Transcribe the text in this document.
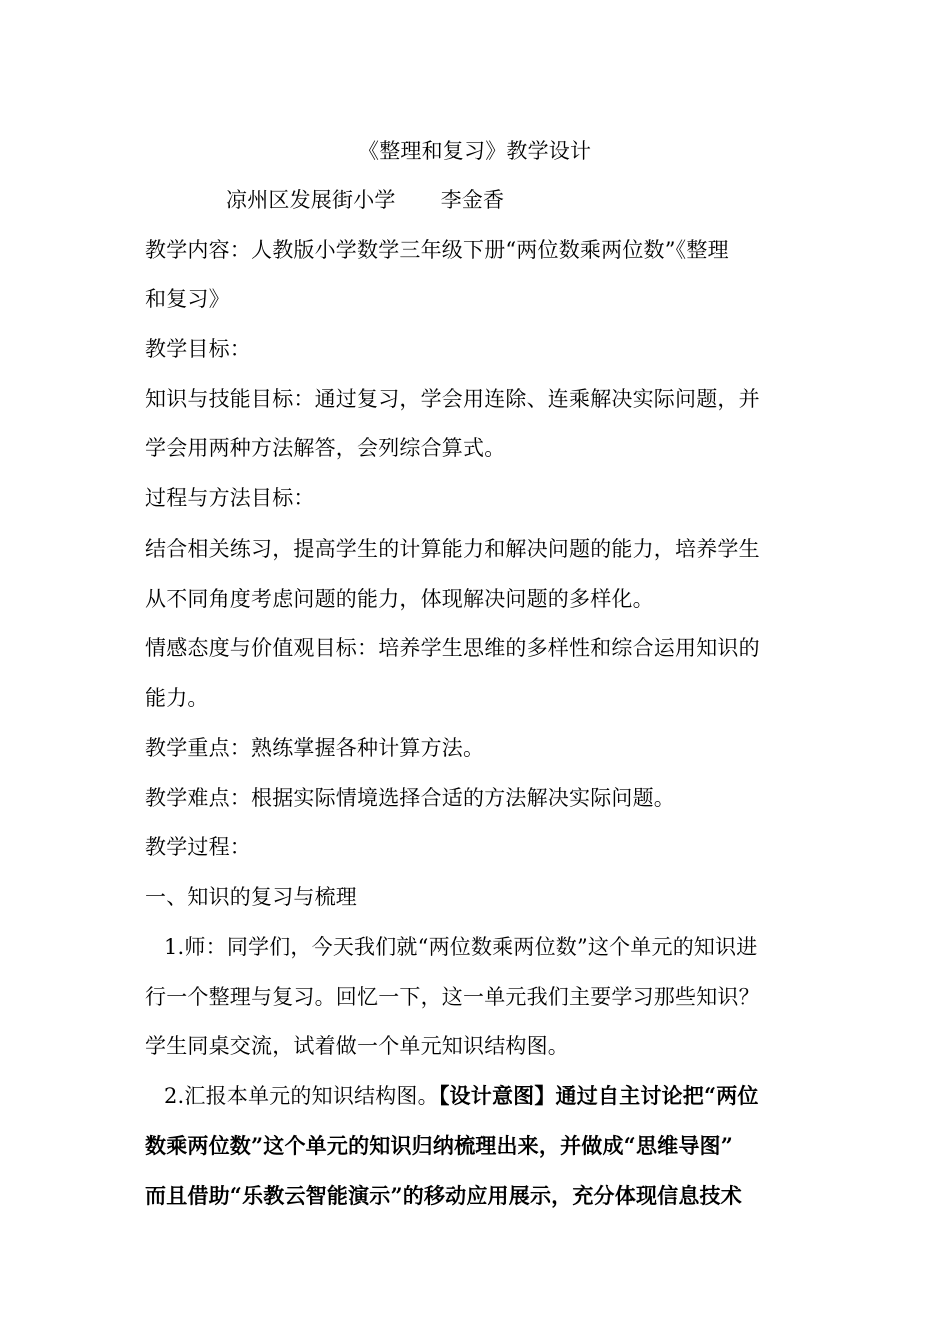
《整理和复习》教学设计
凉州区发展街小学 李金香
教学内容：人教版小学数学三年级下册“两位数乘两位数”《整理
和复习》
教学目标：
知识与技能目标：通过复习，学会用连除、连乘解决实际问题，并
学会用两种方法解答，会列综合算式。
过程与方法目标：
结合相关练习，提高学生的计算能力和解决问题的能力，培养学生
从不同角度考虑问题的能力，体现解决问题的多样化。
情感态度与价值观目标：培养学生思维的多样性和综合运用知识的
能力。
教学重点：熟练掌握各种计算方法。
教学难点：根据实际情境选择合适的方法解决实际问题。
教学过程：
一、知识的复习与梳理
1.师：同学们，今天我们就“两位数乘两位数”这个单元的知识进
行一个整理与复习。回忆一下，这一单元我们主要学习那些知识？
学生同桌交流，试着做一个单元知识结构图。
2.汇报本单元的知识结构图。【设计意图】通过自主讨论把“两位
数乘两位数”这个单元的知识归纳梳理出来，并做成“思维导图”
而且借助“乐教云智能演示”的移动应用展示，充分体现信息技术
